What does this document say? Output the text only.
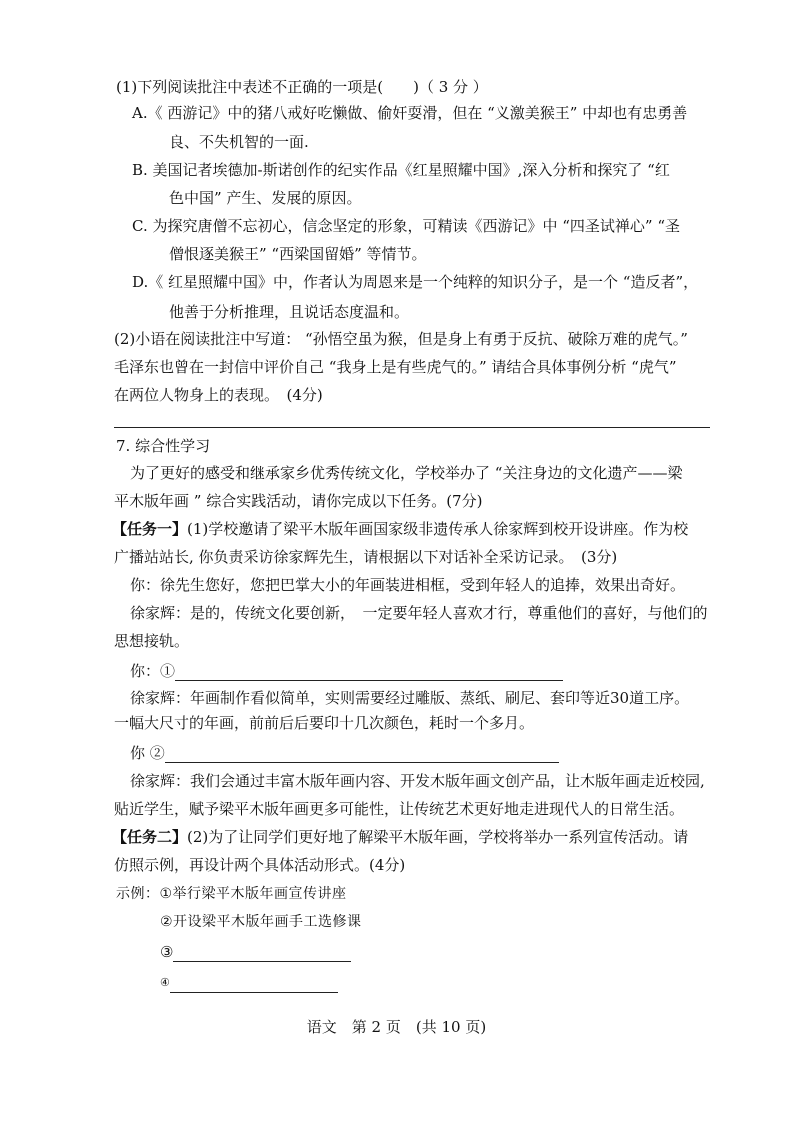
(1)下列阅读批注中表述不正确的一项是(　　)（ 3 分 ）

A.《 西游记》中的猪八戒好吃懒做、偷奸耍滑，但在 “义激美猴王” 中却也有忠勇善

良、不失机智的一面.

B. 美国记者埃德加-斯诺创作的纪实作品《红星照耀中国》,深入分析和探究了 “红

色中国” 产生、发展的原因。

C. 为探究唐僧不忘初心，信念坚定的形象，可精读《西游记》中 “四圣试禅心” “圣

僧恨逐美猴王” “西梁国留婚” 等情节。

D.《 红星照耀中国》中，作者认为周恩来是一个纯粹的知识分子，是一个 “造反者”，

他善于分析推理，且说话态度温和。

(2)小语在阅读批注中写道： “孙悟空虽为猴，但是身上有勇于反抗、破除万难的虎气。”

毛泽东也曾在一封信中评价自己 “我身上是有些虎气的。” 请结合具体事例分析 “虎气”

在两位人物身上的表现。　(4分)

7. 综合性学习

为了更好的感受和继承家乡优秀传统文化，学校举办了 “关注身边的文化遗产——梁

平木版年画 ” 综合实践活动，请你完成以下任务。(7分)

【任务一】(1)学校邀请了梁平木版年画国家级非遗传承人徐家辉到校开设讲座。作为校

广播站站长, 你负责采访徐家辉先生，请根据以下对话补全采访记录。　(3分)

你：徐先生您好，您把巴掌大小的年画装进相框，受到年轻人的追捧，效果出奇好。

徐家辉：是的，传统文化要创新，　一定要年轻人喜欢才行，尊重他们的喜好，与他们的

思想接轨。

你：①

徐家辉：年画制作看似简单，实则需要经过雕版、蒸纸、刷尼、套印等近30道工序。

一幅大尺寸的年画，前前后后要印十几次颜色，耗时一个多月。

你 ②

徐家辉：我们会通过丰富木版年画内容、开发木版年画文创产品，让木版年画走近校园,

贴近学生，赋予梁平木版年画更多可能性，让传统艺术更好地走进现代人的日常生活。

【任务二】(2)为了让同学们更好地了解梁平木版年画，学校将举办一系列宣传活动。请

仿照示例，再设计两个具体活动形式。(4分)

示例：①举行梁平木版年画宣传讲座

②开设梁平木版年画手工选修课

③

④

语文　第 2 页　(共 10 页)
